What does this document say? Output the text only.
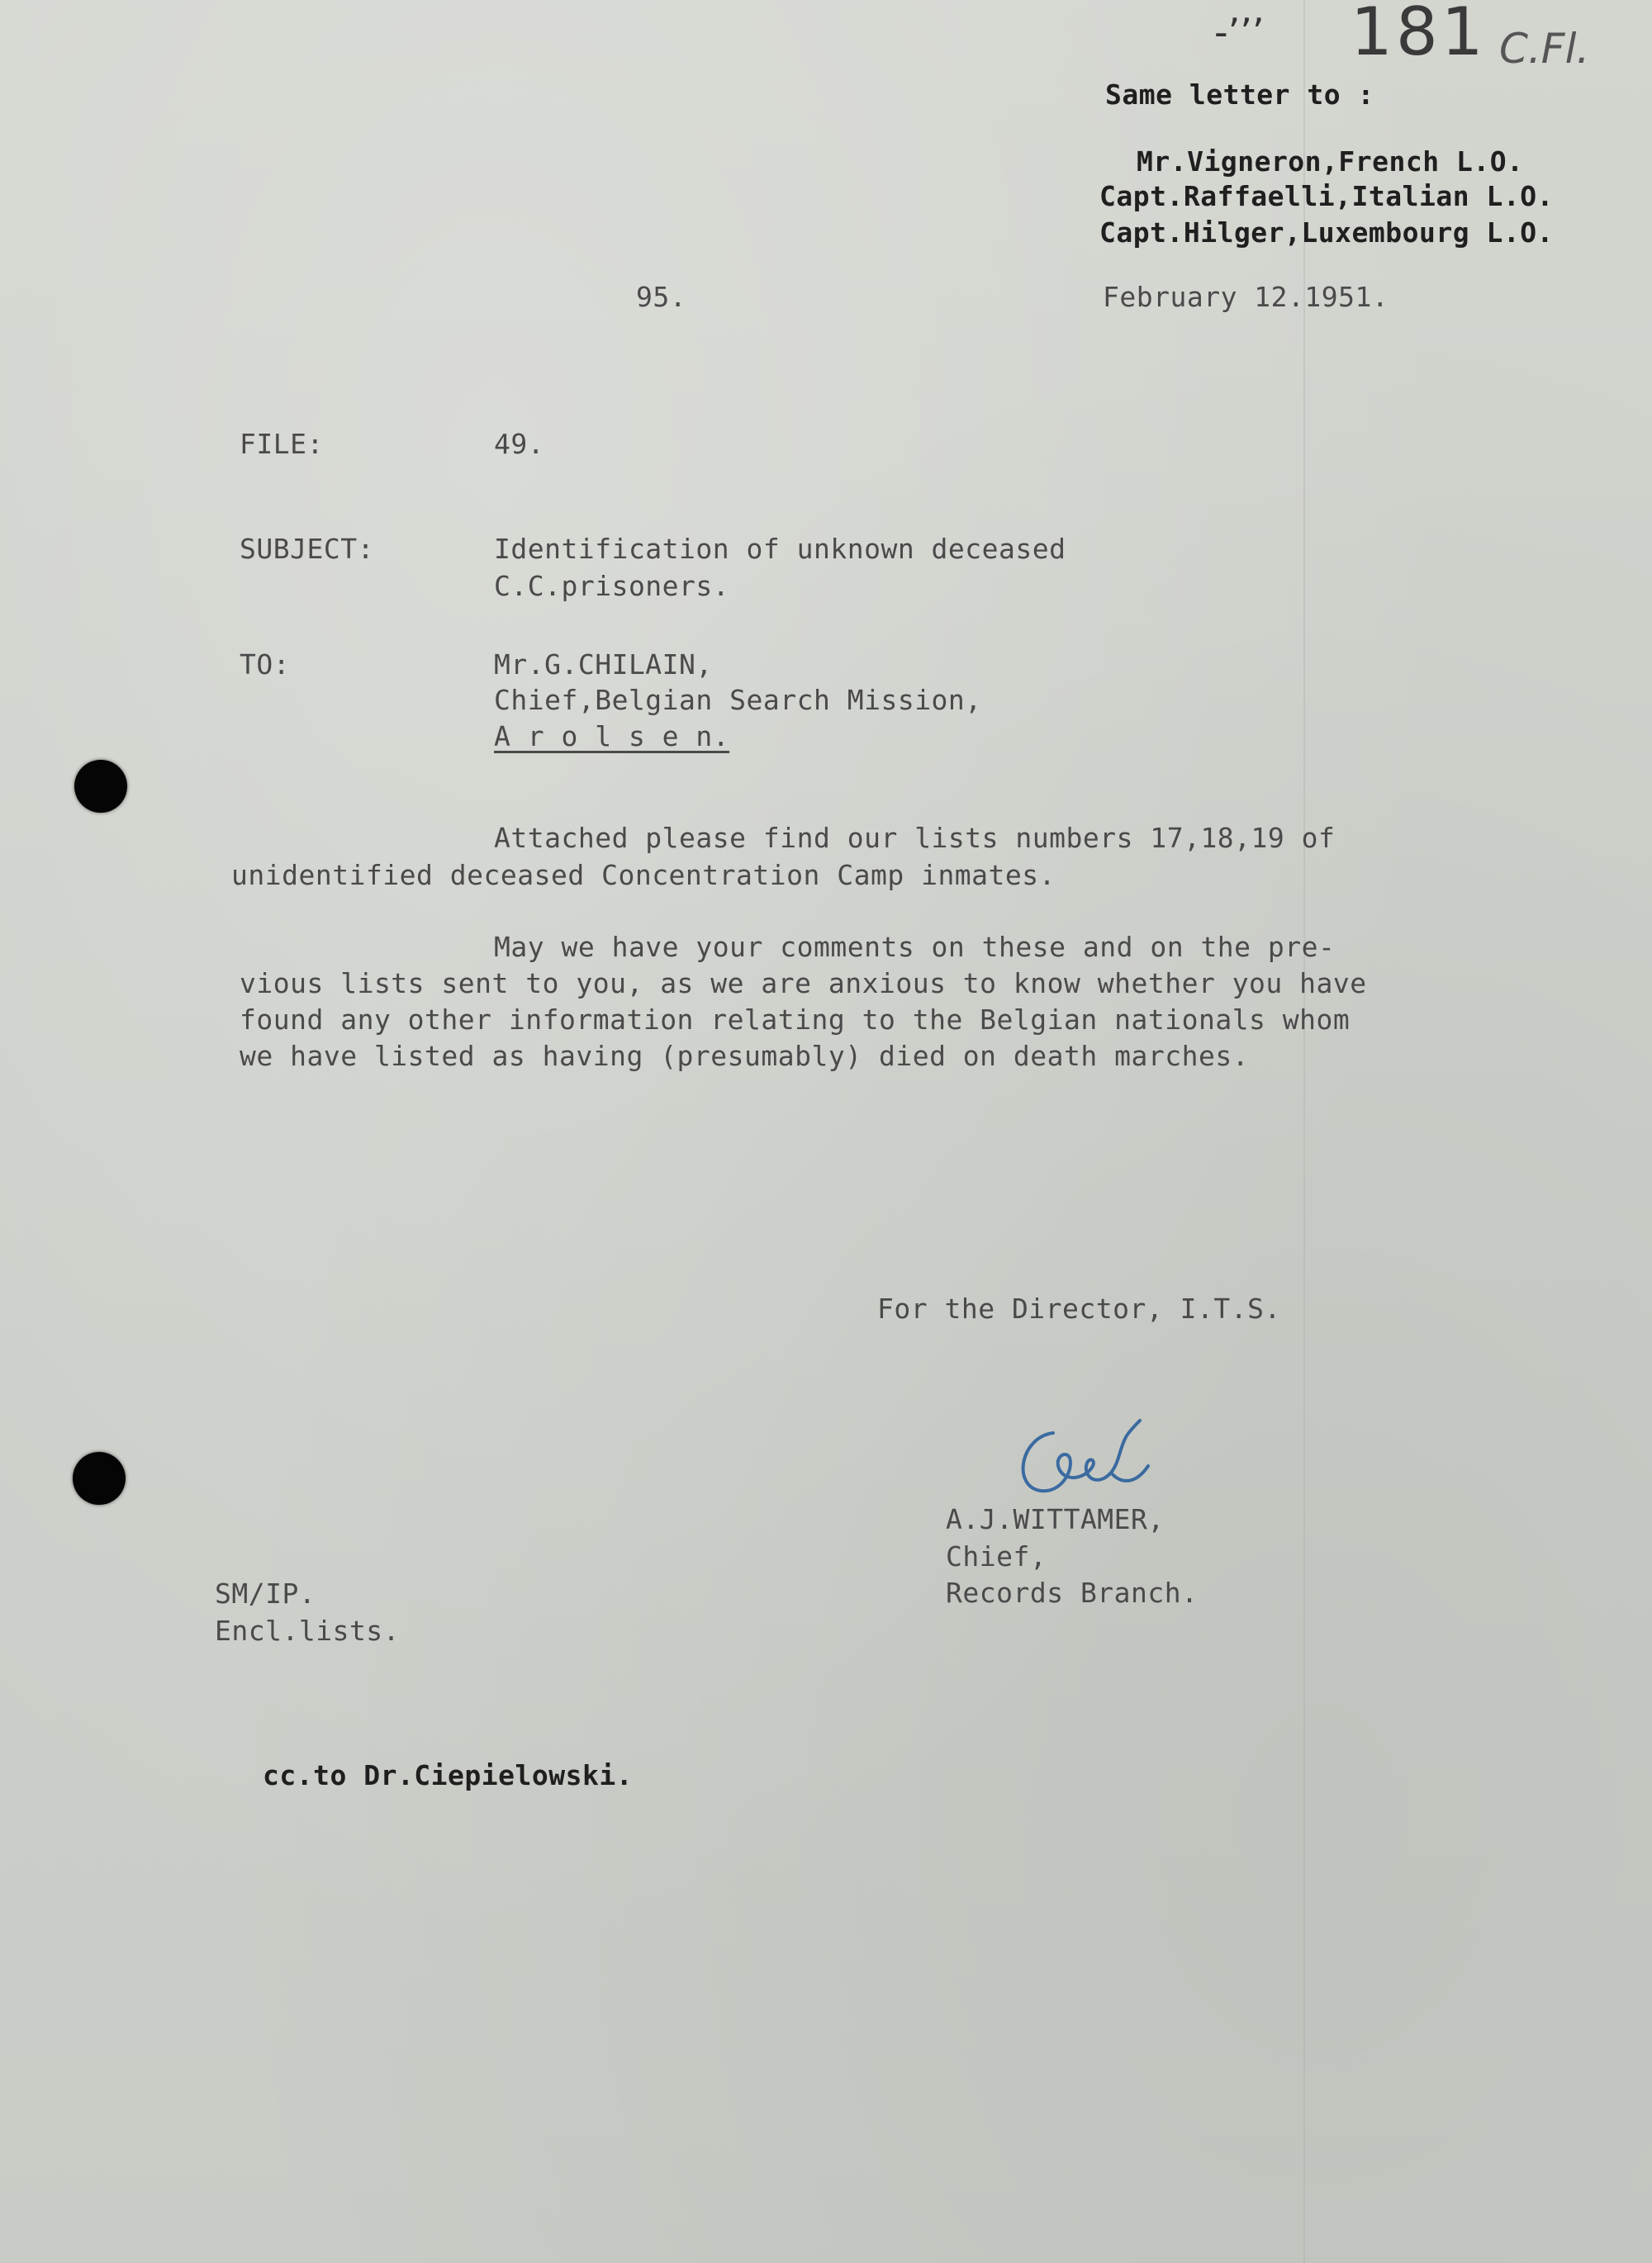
-’’’ 181 C.Fl.
Same letter to :
Mr.Vigneron,French L.O.
Capt.Raffaelli,Italian L.O.
Capt.Hilger,Luxembourg L.O.
95.	February 12.1951.
FILE:	49.
SUBJECT:	Identification of unknown deceased
C.C.prisoners.
TO:	Mr.G.CHILAIN,
Chief,Belgian Search Mission,
A r o l s e n.
Attached please find our lists numbers 17,18,19 of
unidentified deceased Concentration Camp inmates.
May we have your comments on these and on the pre-
vious lists sent to you, as we are anxious to know whether you have
found any other information relating to the Belgian nationals whom
we have listed as having (presumably) died on death marches.
For the Director, I.T.S.
A.J.WITTAMER,
Chief,
Records Branch.
SM/IP.
Encl.lists.
cc.to Dr.Ciepielowski.
